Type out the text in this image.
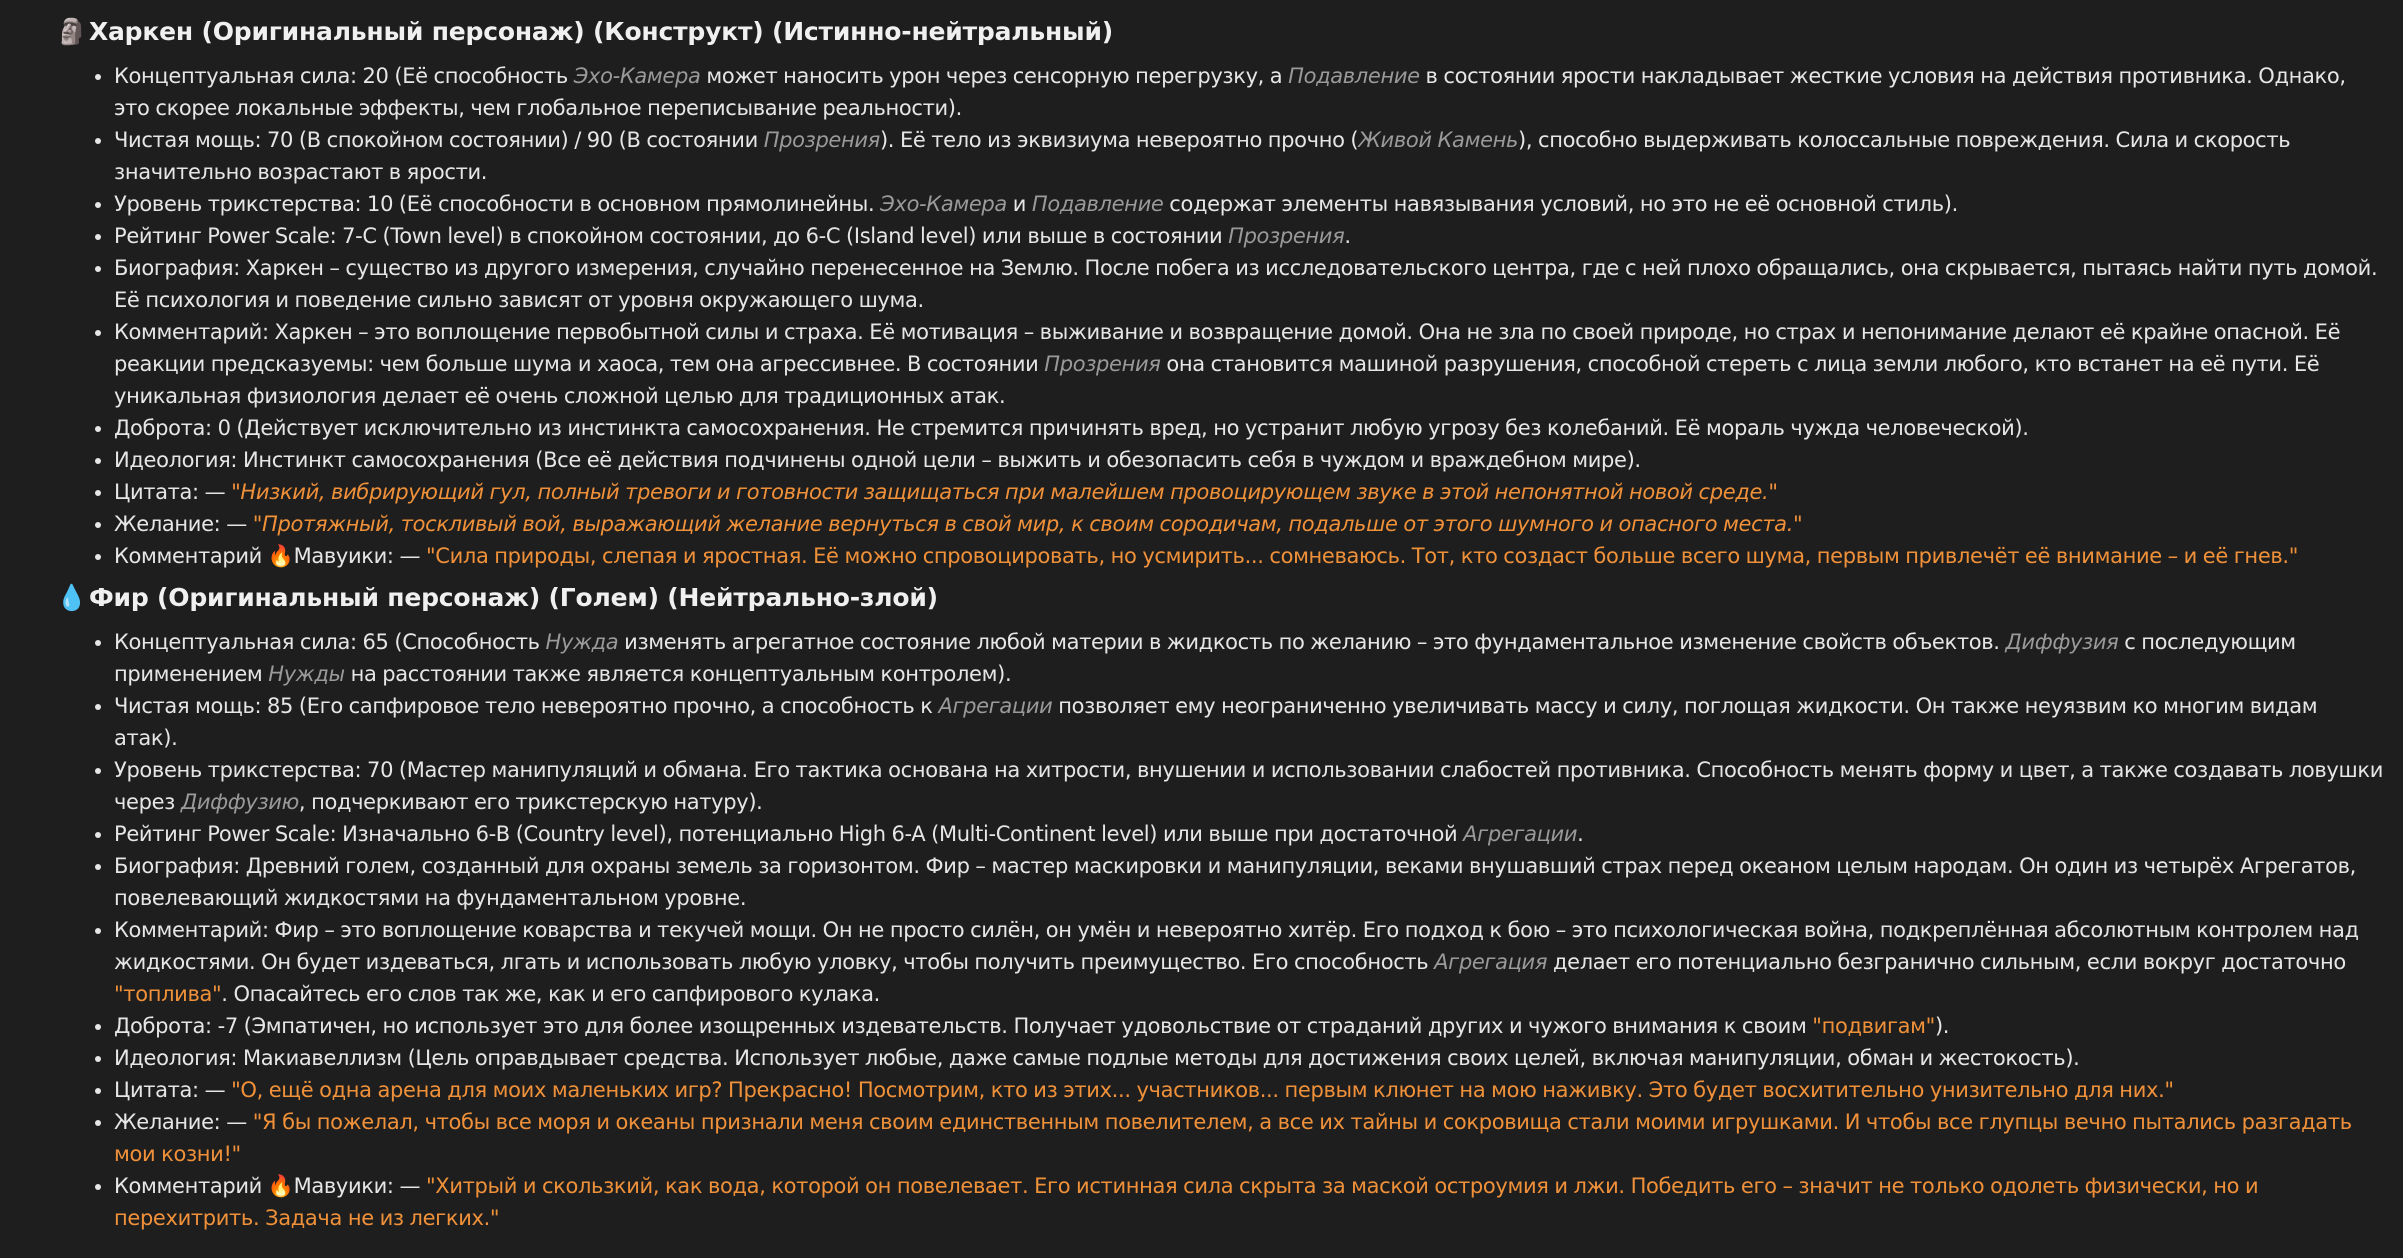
🗿Харкен (Оригинальный персонаж) (Конструкт) (Истинно-нейтральный)
• Концептуальная сила: 20 (Её способность Эхо-Камера может наносить урон через сенсорную перегрузку, а Подавление в состоянии ярости накладывает жесткие условия на действия противника. Однако, это скорее локальные эффекты, чем глобальное переписывание реальности).
• Чистая мощь: 70 (В спокойном состоянии) / 90 (В состоянии Прозрения). Её тело из эквизиума невероятно прочно (Живой Камень), способно выдерживать колоссальные повреждения. Сила и скорость значительно возрастают в ярости.
• Уровень трикстерства: 10 (Её способности в основном прямолинейны. Эхо-Камера и Подавление содержат элементы навязывания условий, но это не её основной стиль).
• Рейтинг Power Scale: 7-C (Town level) в спокойном состоянии, до 6-C (Island level) или выше в состоянии Прозрения.
• Биография: Харкен – существо из другого измерения, случайно перенесенное на Землю. После побега из исследовательского центра, где с ней плохо обращались, она скрывается, пытаясь найти путь домой. Её психология и поведение сильно зависят от уровня окружающего шума.
• Комментарий: Харкен – это воплощение первобытной силы и страха. Её мотивация – выживание и возвращение домой. Она не зла по своей природе, но страх и непонимание делают её крайне опасной. Её реакции предсказуемы: чем больше шума и хаоса, тем она агрессивнее. В состоянии Прозрения она становится машиной разрушения, способной стереть с лица земли любого, кто встанет на её пути. Её уникальная физиология делает её очень сложной целью для традиционных атак.
• Доброта: 0 (Действует исключительно из инстинкта самосохранения. Не стремится причинять вред, но устранит любую угрозу без колебаний. Её мораль чужда человеческой).
• Идеология: Инстинкт самосохранения (Все её действия подчинены одной цели – выжить и обезопасить себя в чуждом и враждебном мире).
• Цитата: — "Низкий, вибрирующий гул, полный тревоги и готовности защищаться при малейшем провоцирующем звуке в этой непонятной новой среде."
• Желание: — "Протяжный, тоскливый вой, выражающий желание вернуться в свой мир, к своим сородичам, подальше от этого шумного и опасного места."
• Комментарий 🔥Мавуики: — "Сила природы, слепая и яростная. Её можно спровоцировать, но усмирить... сомневаюсь. Тот, кто создаст больше всего шума, первым привлечёт её внимание – и её гнев."
💧Фир (Оригинальный персонаж) (Голем) (Нейтрально-злой)
• Концептуальная сила: 65 (Способность Нужда изменять агрегатное состояние любой материи в жидкость по желанию – это фундаментальное изменение свойств объектов. Диффузия с последующим применением Нужды на расстоянии также является концептуальным контролем).
• Чистая мощь: 85 (Его сапфировое тело невероятно прочно, а способность к Агрегации позволяет ему неограниченно увеличивать массу и силу, поглощая жидкости. Он также неуязвим ко многим видам атак).
• Уровень трикстерства: 70 (Мастер манипуляций и обмана. Его тактика основана на хитрости, внушении и использовании слабостей противника. Способность менять форму и цвет, а также создавать ловушки через Диффузию, подчеркивают его трикстерскую натуру).
• Рейтинг Power Scale: Изначально 6-B (Country level), потенциально High 6-A (Multi-Continent level) или выше при достаточной Агрегации.
• Биография: Древний голем, созданный для охраны земель за горизонтом. Фир – мастер маскировки и манипуляции, веками внушавший страх перед океаном целым народам. Он один из четырёх Агрегатов, повелевающий жидкостями на фундаментальном уровне.
• Комментарий: Фир – это воплощение коварства и текучей мощи. Он не просто силён, он умён и невероятно хитёр. Его подход к бою – это психологическая война, подкреплённая абсолютным контролем над жидкостями. Он будет издеваться, лгать и использовать любую уловку, чтобы получить преимущество. Его способность Агрегация делает его потенциально безгранично сильным, если вокруг достаточно "топлива". Опасайтесь его слов так же, как и его сапфирового кулака.
• Доброта: -7 (Эмпатичен, но использует это для более изощренных издевательств. Получает удовольствие от страданий других и чужого внимания к своим "подвигам").
• Идеология: Макиавеллизм (Цель оправдывает средства. Использует любые, даже самые подлые методы для достижения своих целей, включая манипуляции, обман и жестокость).
• Цитата: — "О, ещё одна арена для моих маленьких игр? Прекрасно! Посмотрим, кто из этих... участников... первым клюнет на мою наживку. Это будет восхитительно унизительно для них."
• Желание: — "Я бы пожелал, чтобы все моря и океаны признали меня своим единственным повелителем, а все их тайны и сокровища стали моими игрушками. И чтобы все глупцы вечно пытались разгадать мои козни!"
• Комментарий 🔥Мавуики: — "Хитрый и скользкий, как вода, которой он повелевает. Его истинная сила скрыта за маской остроумия и лжи. Победить его – значит не только одолеть физически, но и перехитрить. Задача не из легких."
